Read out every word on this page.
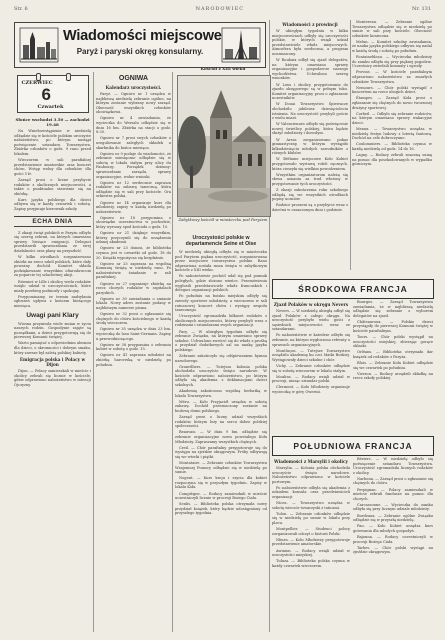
Str. 6	NARODOWIEC	Nr. 131
Wiadomości miejscowe
Paryż i paryski okręg konsularny.
CZERWIEC
6
Czwartek
Słońce wschodzi 3.50 — zachodzi 19.48

Na Wniebowstąpienie w niedzielę odbędzie się w kościele polskim uroczyste nabożeństwo, po którym nastąpi poświęcenie sztandaru Towarzystwa. Zbiórka członków o godz. 9 rano przed lokalem.

Wieczorem w sali parafialnej przedstawienie amatorskie oraz koncert chóru. Wstęp wolny dla członków, dla gości 5 fr.

Zarząd prosi o liczne przybycie rodaków z okolicznych miejscowości, a także o punktualne stawienie się na zbiórkę.

Kurs języka polskiego dla dzieci odbywa się w każdy czwartek i sobotę. Zapisy przyjmuje kierownik szkoły.

ECHA DNIA

Z okazji świąt polskich w Paryżu odbyło się szereg zebrań, na których omawiano sprawy bieżące emigracji. Delegaci przedstawili sprawozdania ze swej działalności oraz plany na przyszłość.

W kilku ośrodkach zorganizowano zbiórki na rzecz szkół polskich, które dały poważny dochód. Komitet składa podziękowanie wszystkim ofiarodawcom za poparcie tej szlachetnej akcji.

Również w Lille i okolicy wielu rodaków wzięło udział w uroczystościach, które miały przebieg podniosły i spokojny.

Przypominamy, że termin nadsyłania zgłoszeń upływa z końcem bieżącego miesiąca.

Uwagi pani Klary

Wiosna przyniosła wiele zmian w życiu naszych rodzin. Gospodynie zajęte są porządkami, a dzieci przygotowują się do pierwszej Komunii świętej.

Warto pamiętać o odpowiednim ubraniu dla dzieci, o skromności i dobrym smaku, który zawsze był zaletą polskiej kobiety.

Emigracja polska i Polacy w Dijon

Dijon. — Polacy zamieszkali w mieście i okolicy zebrali się licznie w kościele, gdzie odprawiono nabożeństwo w intencji Ojczyzny.

OGNIWA
Kalendarz uroczystości.

Paryż. — Ogniwo nr 1 urządza w najbliższą niedzielę zebranie ogólne, na którym zostanie wybrany nowy zarząd. Obecność wszystkich członków obowiązkowa.

Ogniwo nr 4 zawiadamia, że wycieczka do Wersalu odbędzie się w dniu 16 bm. Zbiórka na stacji o godz. 8.30.

Ogniwo nr 7 prosi swych członków o uregulowanie zaległych składek u skarbnika do końca miesiąca.

Ogniwo nr 9 podaje do wiadomości, że zebranie miesięczne odbędzie się w sobotę w lokalu stałym przy ulicy du Faubourg. Porządek dzienny: sprawozdanie zarządu, sprawy organizacyjne, wolne wnioski.

Ogniwo nr 12 serdecznie zaprasza rodaków na zabawę taneczną, która odbędzie się w sali przy kościele. Gra orkiestra polska.

Ogniwo nr 14 organizuje kurs dla młodzieży, zapisy w każdą niedzielę po nabożeństwie.

Ogniwo nr 18 przypomina o obowiązku uczestnictwa w pochodzie, który wyruszy spod kościoła o godz. 10.

Ogniwo nr 21 dziękuje wszystkim, którzy przyczynili się do urządzenia udanej akademii.

Ogniwo nr 23 donosi, że biblioteka czynna jest w czwartki od godz. 18 do 20. Książki wypożycza się bezpłatnie.

Ogniwo nr 25 zaprasza na wspólną Komunię świętą w niedzielę rano. Po nabożeństwie śniadanie w sali parafialnej.

Ogniwo nr 27 organizuje zbiórkę na rzecz chorych rodaków w szpitalach paryskich.

Ogniwo nr 30 zawiadamia o zmianie lokalu. Nowy adres zostanie podany w najbliższym numerze pisma.

Ogniwo nr 32 prosi o zgłaszanie się chętnych do chóru kościelnego w każdą środę wieczorem.

Ogniwo nr 35 urządza w dniu 23 bm. wycieczkę do lasu Saint-Germain. Zapisy u przewodniczącego.

Ogniwo nr 38 przypomina o zebraniu kobiet w sobotę o godz. 15.

Ogniwo nr 41 zaprasza młodzież na zbiórkę harcerską w niedzielę po południu.

Kościół z XIII wieku
Zabytkowy kościół w miasteczku pod Paryżem
Uroczystości polskie w departamencie Seine et Oise

W niedzielę ubiegłą odbyła się w miasteczku pod Paryżem piękna uroczystość, zorganizowana przez miejscowe towarzystwa polskie. Rano odprawiona została msza święta w zabytkowym kościele z XIII wieku.

Po nabożeństwie pochód udał się pod pomnik poległych, gdzie złożono wieńce. Przemówienia wygłosili przedstawiciele władz francuskich i delegaci organizacji polskich.

Po południu na boisku miejskim odbyły się zawody sportowe młodzieży, a wieczorem w sali ratuszowej koncert chóru i występy zespołu tanecznego.

Uroczystość zgromadziła kilkuset rodaków z okolicznych miejscowości, którzy przybyli wraz z rodzinami i sztandarami swych organizacji.

Pary. — W ubiegłym tygodniu odbyło się zebranie Związku, na którym omawiano sprawy szkolne. Uchwalono zwrócić się do władz z prośbą o przydział dodatkowych sal na naukę języka polskiego.

Zebranie zakończyło się odśpiewaniem hymnu narodowego.

Granvilliers. — Tutejsza kolonia polska obchodziła uroczyście święto narodowe. W kościele odprawiono nabożeństwo, po którym odbyła się akademia z deklamacjami dzieci szkolnych.

Akademię zakończono wspólną herbatką w lokalu Towarzystwa.

Méru. — Koło Przyjaciół urządza w sobotę zabawę. Dochód przeznaczony zostanie na budowę domu polskiego.

Zarząd prosi o liczny udział wszystkich rodaków, którym leży na sercu dobro polskiej społeczności.

Beauvais. — W dniu 9 bm. odbędzie się zebranie organizacyjne nowo powstałego Koła Młodzieży. Zapraszamy wszystkich chętnych.

Creil. — Chór parafialny przygotowuje się do występu na zjeździe okręgowym. Próby odbywają się we wtorki i piątki.

Montataire. — Zebranie członków Towarzystwa Wzajemnej Pomocy odbędzie się w niedzielę po sumie.

Nogent. — Kurs kroju i szycia dla kobiet rozpoczyna się w przyszłym tygodniu. Zapisy w lokalu Koła.

Compiègne. — Rodacy zamieszkali w mieście uczestniczyli licznie w procesji Bożego Ciała.

Senlis. — Biblioteka polska otrzymała nowy przydział książek, który będzie udostępniony od przyszłego tygodnia.

Wiadomości z prowincji

W ubiegłym tygodniu w kilku miejscowościach odbyły się uroczystości polskie, w których wzięli udział przedstawiciele władz miejscowych. Atmosfera była serdeczna, a program urozmaicony.

W Roubaix odbył się zjazd delegatów, na którym omawiano sprawy organizacyjne i gospodarcze naszego wychodźstwa. Uchwalono szereg wniosków.

W Lens i okolicy przygotowania do zjazdu okręgowego są w pełnym toku. Komitet organizacyjny prosi o zgłaszanie uczestników.

W Douai Towarzystwo Śpiewacze obchodziło jubileusz dziesięciolecia istnienia. Na uroczystość przybyli goście z wielu miast.

W Valenciennes odbyło się poświęcenie nowej świetlicy polskiej, która będzie służyć młodzieży i dorosłym.

W Arras zorganizowano pokaz gimnastyczny, w którym wystąpiło kilkudziesięciu młodych zawodników z różnych klubów.

W Béthune miejscowe Koło Kobiet przygotowało wystawę robót ręcznych, która cieszyła się wielkim powodzeniem.

Wszystkim organizatorom należą się słowa uznania za trud włożony w przygotowanie tych uroczystości.

Z okazji zakończenia roku szkolnego odbędą się we wszystkich ośrodkach popisy uczniów.

Rodzice proszeni są o przybycie wraz z dziećmi w oznaczonym dniu i godzinie.

Montereau. — Zebranie ogólne Towarzystwa odbędzie się w niedzielę po sumie w sali przy kościele. Obecność członków konieczna.

Melun. — Komitet szkolny zawiadamia, że nauka języka polskiego odbywa się nadal w każdą środę i sobotę po południu.

Fontainebleau. — Wycieczka młodzieży do zamku odbyła się przy pięknej pogodzie. Uczestnicy zwiedzili komnaty i ogrody.

Provins. — W kościele parafialnym odprawiono nabożeństwo za zmarłych członków Towarzystwa.

Nemours. — Chór polski wystąpił z koncertem na rzecz ubogich dzieci.

Étampes. — Zarząd Koła prosi o zgłaszanie się chętnych do nowo tworzonej drużyny sportowej.

Corbeil. — Odbyło się zebranie rodziców, na którym omawiano sprawy wakacyjne dzieci.

Meaux. — Towarzystwo urządza w niedzielę festyn ludowy z loterią fantową. Dochód na cele dobroczynne.

Coulommiers. — Biblioteka czynna w każdą niedzielę od godz. 14 do 16.

Lagny. — Rodacy zebrali znaczną sumę na pomoc dla poszkodowanych w wypadku górniczym.

ŚRODKOWA FRANCJA
Zjazd Polaków w okręgu Nevers

Nevers. — W niedzielę ubiegłą odbył się zjazd Polaków z całego okręgu. Na uroczystość przybyło wielu gości z sąsiednich miejscowości wraz ze sztandarami.

Po nabożeństwie w katedrze odbyło się zebranie, na którym wygłoszono referaty o sprawach organizacyjnych.

Montluçon. — Tutejsze Towarzystwo urządziło akademię ku czci Matki Boskiej. Występowały dzieci szkolne i chór.

Vichy. — Zebranie członków odbędzie się w sobotę wieczorem w lokalu stałym.

Moulins. — Rodacy wzięli udział w procesji, niosąc sztandar polski.

Clermont. — Koło Młodzieży organizuje wycieczkę w góry Owernii.

Bourges. — Zarząd Towarzystwa zawiadamia, że w najbliższą niedzielę odbędzie się zebranie z wyborem delegatów na zjazd.

Châteauroux. — Polskie dzieci przystąpiły do pierwszej Komunii świętej w kościele parafialnym.

Tours. — Chór polski wystąpił na uroczystości miejskiej, zbierając gorące oklaski.

Orléans. — Biblioteka otrzymała dar książek od rodaków z Paryża.

Blois. — Zebranie Koła Kobiet odbędzie się we czwartek po południu.

Vierzon. — Rodacy urządzili składkę na rzecz szkoły polskiej.

POŁUDNIOWA FRANCJA
Wiadomości z Marsylii i okolicy

Marsylia. — Kolonia polska obchodziła uroczyście święto narodowe. Nabożeństwo odprawiono w kościele portowym.

Po nabożeństwie odbyła się akademia z udziałem konsula oraz przedstawicieli organizacji.

Nicea. — Towarzystwo urządza w sobotę wieczór towarzyski z tańcami.

Tulon. — Zebranie członków odbędzie się w niedzielę po sumie w lokalu przy placu.

Montpellier. — Studenci polscy zorganizowali odczyt o historii Polski.

Nîmes. — Koło Młodzieży przygotowuje przedstawienie amatorskie.

Awinion. — Rodacy wzięli udział w uroczystości miejskiej.

Tuluza. — Biblioteka polska czynna w każdy czwartek wieczorem.

Béziers. — W niedzielę odbyło się poświęcenie sztandaru Towarzystwa. Uroczystość zgromadziła licznych rodaków z okolicy.

Narbona. — Zarząd prosi o zgłaszanie się chętnych do chóru.

Perpignan. — Polacy zamieszkali w mieście zebrali fundusze na pomoc dla chorych.

Carcassonne. — Wycieczka do zamku odbyła się przy licznym udziale młodzieży.

Bordeaux. — Zebranie ogólne Związku odbędzie się w przyszłą niedzielę.

Pau. — Koło Kobiet urządza kurs gotowania dla młodych gospodyń.

Bajonna. — Rodacy uczestniczyli w procesji Bożego Ciała.

Tarbes. — Chór polski wystąpi na zjeździe okręgowym.
